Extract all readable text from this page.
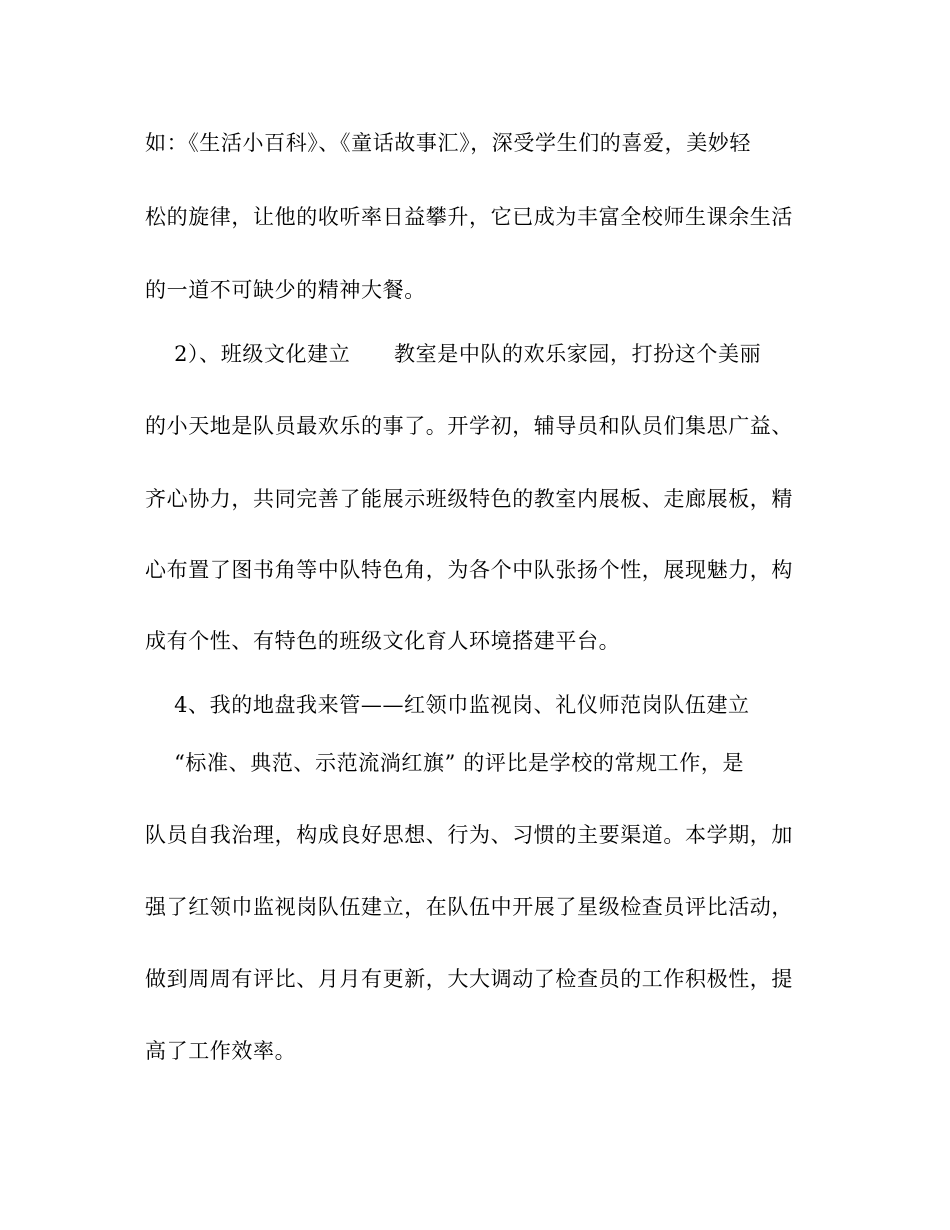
如：《生活小百科》、《童话故事汇》，深受学生们的喜爱，美妙轻
松的旋律，让他的收听率日益攀升，它已成为丰富全校师生课余生活
的一道不可缺少的精神大餐。
2）、班级文化建立      教室是中队的欢乐家园，打扮这个美丽
的小天地是队员最欢乐的事了。开学初，辅导员和队员们集思广益、
齐心协力，共同完善了能展示班级特色的教室内展板、走廊展板，精
心布置了图书角等中队特色角，为各个中队张扬个性，展现魅力，构
成有个性、有特色的班级文化育人环境搭建平台。
4、我的地盘我来管——红领巾监视岗、礼仪师范岗队伍建立
“标准、典范、示范流淌红旗” 的评比是学校的常规工作，是
队员自我治理，构成良好思想、行为、习惯的主要渠道。本学期，加
强了红领巾监视岗队伍建立，在队伍中开展了星级检查员评比活动，
做到周周有评比、月月有更新，大大调动了检查员的工作积极性，提
高了工作效率。
